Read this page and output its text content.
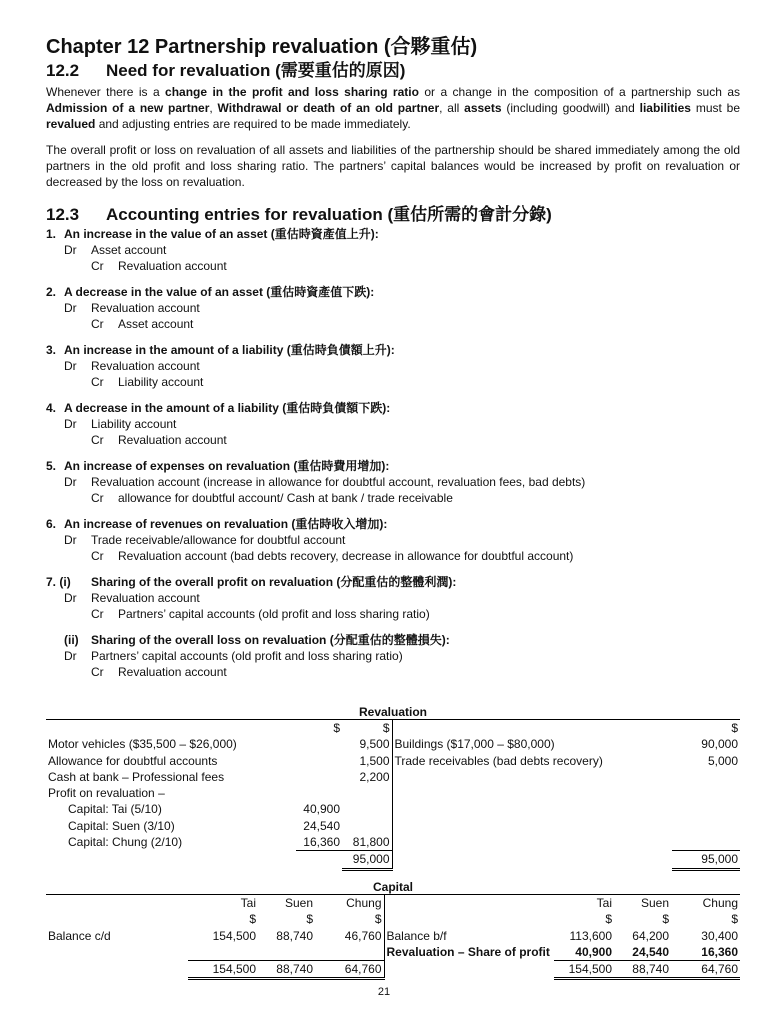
Chapter 12 Partnership revaluation (合夥重估)
12.2	Need for revaluation (需要重估的原因)

Whenever there is a change in the profit and loss sharing ratio or a change in the composition of a partnership such as Admission of a new partner, Withdrawal or death of an old partner, all assets (including goodwill) and liabilities must be revalued and adjusting entries are required to be made immediately.

The overall profit or loss on revaluation of all assets and liabilities of the partnership should be shared immediately among the old partners in the old profit and loss sharing ratio. The partners’ capital balances would be increased by profit on revaluation or decreased by the loss on revaluation.

12.3	Accounting entries for revaluation (重估所需的會計分錄)
1. An increase in the value of an asset (重估時資產值上升):
Dr	Asset account
Cr	Revaluation account
2. A decrease in the value of an asset (重估時資產值下跌):
Dr	Revaluation account
Cr	Asset account
3. An increase in the amount of a liability (重估時負債額上升):
Dr	Revaluation account
Cr	Liability account
4. A decrease in the amount of a liability (重估時負債額下跌):
Dr	Liability account
Cr	Revaluation account
5. An increase of expenses on revaluation (重估時費用增加):
Dr	Revaluation account (increase in allowance for doubtful account, revaluation fees, bad debts)
Cr	allowance for doubtful account/ Cash at bank / trade receivable
6. An increase of revenues on revaluation (重估時收入增加):
Dr	Trade receivable/allowance for doubtful account
Cr	Revaluation account (bad debts recovery, decrease in allowance for doubtful account)
7. (i)	Sharing of the overall profit on revaluation (分配重估的整體利潤):
Dr	Revaluation account
Cr	Partners’ capital accounts (old profit and loss sharing ratio)
(ii)	Sharing of the overall loss on revaluation (分配重估的整體損失):
Dr	Partners’ capital accounts (old profit and loss sharing ratio)
Cr	Revaluation account
Revaluation
	$	$		$
Motor vehicles ($35,500 – $26,000)		9,500	Buildings ($17,000 – $80,000)	90,000
Allowance for doubtful accounts		1,500	Trade receivables (bad debts recovery)	5,000
Cash at bank – Professional fees		2,200		
Profit on revaluation –				
Capital: Tai (5/10)	40,900			
Capital: Suen (3/10)	24,540			
Capital: Chung (2/10)	16,360	81,800		
		95,000		95,000
Capital
	Tai	Suen	Chung		Tai	Suen	Chung
	$	$	$		$	$	$
Balance c/d	154,500	88,740	46,760	Balance b/f	113,600	64,200	30,400
				Revaluation – Share of profit	40,900	24,540	16,360
	154,500	88,740	64,760		154,500	88,740	64,760
21
